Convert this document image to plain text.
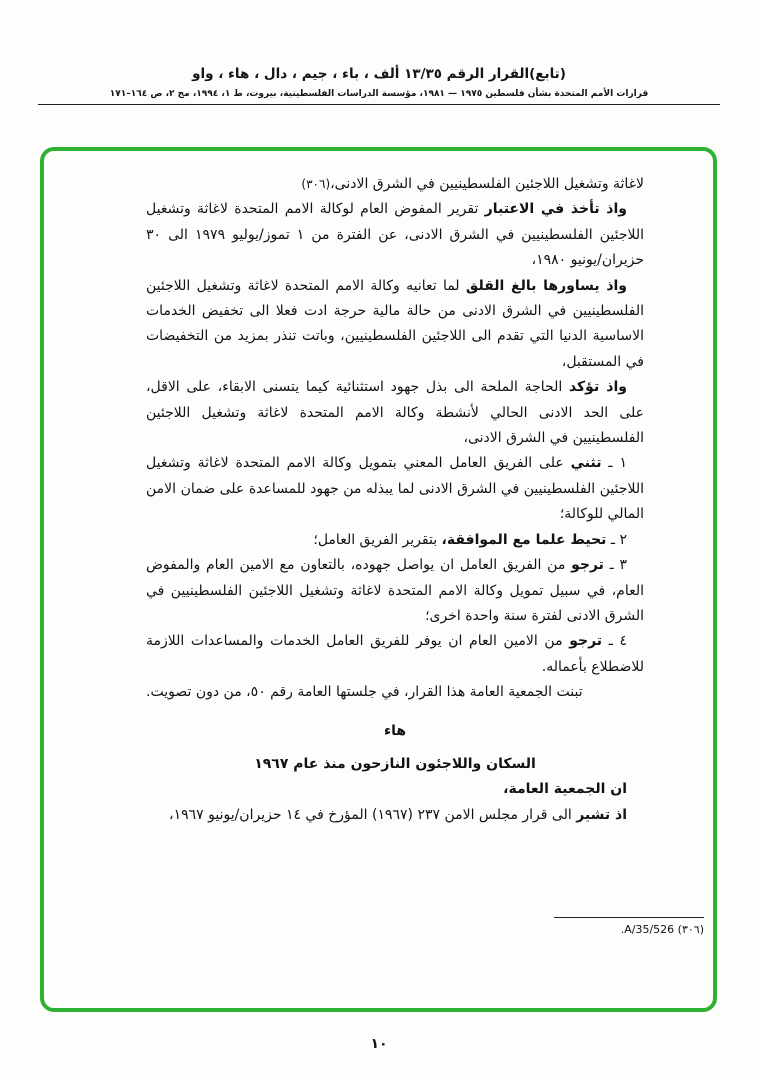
(تابع)القرار الرقم ١٣/٣٥ ألف ، باء ، جيم ، دال ، هاء ، واو
قرارات الأمم المتحدة بشأن فلسطين ١٩٧٥ — ١٩٨١، مؤسسة الدراسات الفلسطينية، بيروت، ط ١، ١٩٩٤، مج ٢، ص ١٦٤–١٧١

لاغاثة وتشغيل اللاجئين الفلسطينيين في الشرق الادنى،(٣٠٦)

واذ تأخذ في الاعتبار تقرير المفوض العام لوكالة الامم المتحدة لاغاثة وتشغيل اللاجئين الفلسطينيين في الشرق الادنى، عن الفترة من ١ تموز/يوليو ١٩٧٩ الى ٣٠ حزيران/يونيو ١٩٨٠،

واذ يساورها بالغ القلق لما تعانيه وكالة الامم المتحدة لاغاثة وتشغيل اللاجئين الفلسطينيين في الشرق الادنى من حالة مالية حرجة ادت فعلا الى تخفيض الخدمات الاساسية الدنيا التي تقدم الى اللاجئين الفلسطينيين، وباتت تنذر بمزيد من التخفيضات في المستقبل،

واذ تؤكد الحاجة الملحة الى بذل جهود استثنائية كيما يتسنى الابقاء، على الاقل، على الحد الادنى الحالي لأنشطة وكالة الامم المتحدة لاغاثة وتشغيل اللاجئين الفلسطينيين في الشرق الادنى،

١ ـ تثني على الفريق العامل المعني بتمويل وكالة الامم المتحدة لاغاثة وتشغيل اللاجئين الفلسطينيين في الشرق الادنى لما يبذله من جهود للمساعدة على ضمان الامن المالي للوكالة؛

٢ ـ تحيط علما مع الموافقة، بتقرير الفريق العامل؛

٣ ـ ترجو من الفريق العامل ان يواصل جهوده، بالتعاون مع الامين العام والمفوض العام، في سبيل تمويل وكالة الامم المتحدة لاغاثة وتشغيل اللاجئين الفلسطينيين في الشرق الادنى لفترة سنة واحدة اخرى؛

٤ ـ ترجو من الامين العام ان يوفر للفريق العامل الخدمات والمساعدات اللازمة للاضطلاع بأعماله.

تبنت الجمعية العامة هذا القرار، في جلستها العامة رقم ٥٠، من دون تصويت.

هاء
السكان واللاجئون النازحون منذ عام ١٩٦٧

ان الجمعية العامة،

اذ تشير الى قرار مجلس الامن ٢٣٧ (١٩٦٧) المؤرخ في ١٤ حزيران/يونيو ١٩٦٧،

(٣٠٦) A/35/526.
١٠
